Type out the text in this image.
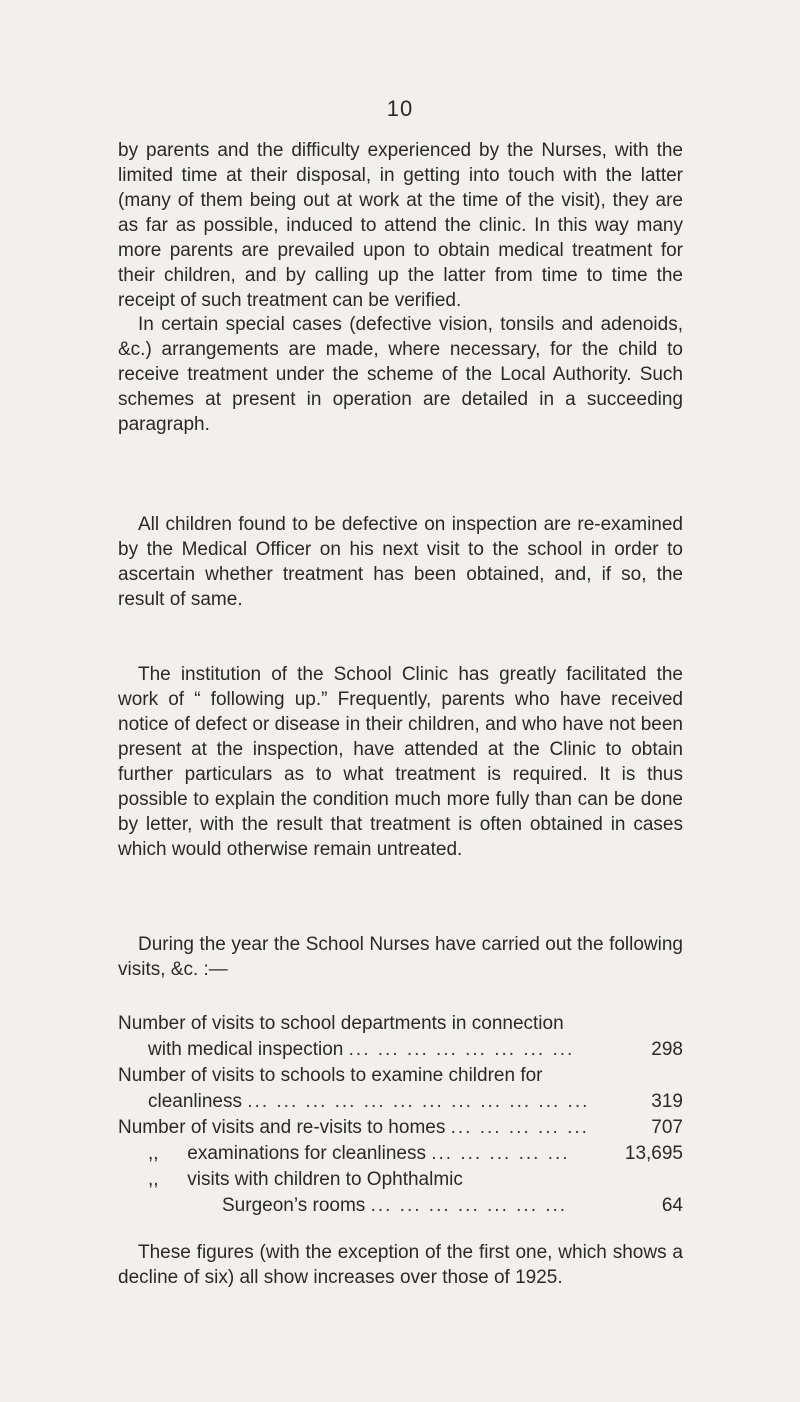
10

by parents and the difficulty experienced by the Nurses, with the limited time at their disposal, in getting into touch with the latter (many of them being out at work at the time of the visit), they are as far as possible, induced to attend the clinic. In this way many more parents are prevailed upon to obtain medical treatment for their children, and by calling up the latter from time to time the receipt of such treatment can be verified.

In certain special cases (defective vision, tonsils and adenoids, &c.) arrangements are made, where necessary, for the child to receive treatment under the scheme of the Local Authority. Such schemes at present in operation are detailed in a succeeding paragraph.

All children found to be defective on inspection are re-examined by the Medical Officer on his next visit to the school in order to ascertain whether treatment has been obtained, and, if so, the result of same.

The institution of the School Clinic has greatly facilitated the work of “ following up.” Frequently, parents who have received notice of defect or disease in their children, and who have not been present at the inspection, have attended at the Clinic to obtain further particulars as to what treatment is required. It is thus possible to explain the condition much more fully than can be done by letter, with the result that treatment is often obtained in cases which would otherwise remain untreated.

During the year the School Nurses have carried out the following visits, &c. :—

Number of visits to school departments in connection
with medical inspection ... ... ... ... ... ... ... ...	298
Number of visits to schools to examine children for
cleanliness ... ... ... ... ... ... ... ... ... ... ... ...	319
Number of visits and re-visits to homes ... ... ... ... ...	707
,, examinations for cleanliness ... ... ... ... ...	13,695
,, visits with children to Ophthalmic
Surgeon’s rooms ... ... ... ... ... ... ...	64

These figures (with the exception of the first one, which shows a decline of six) all show increases over those of 1925.
